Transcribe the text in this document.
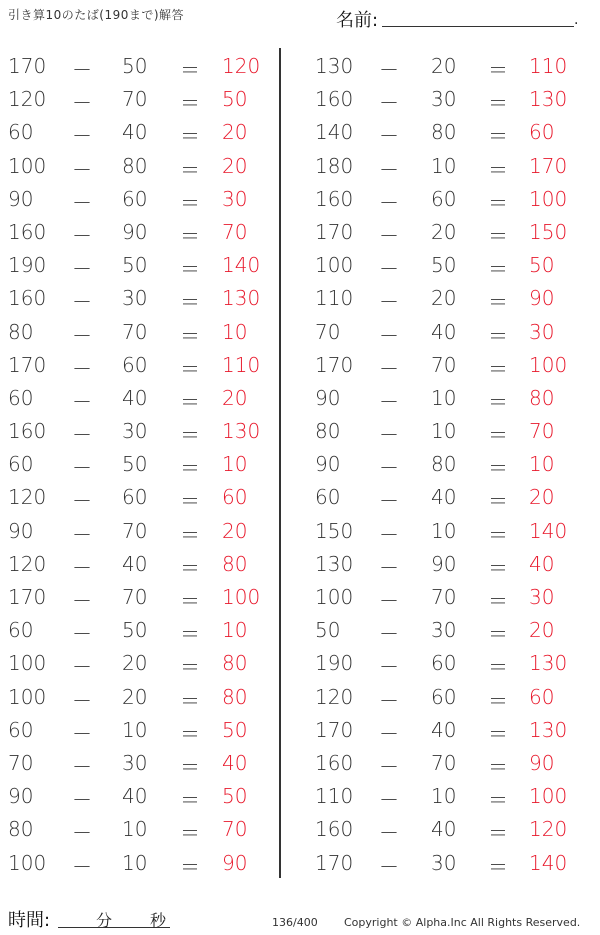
引き算10のたば(190まで)解答	名前:	.
170 － 50 ＝ 120
120 － 70 ＝ 50
60 － 40 ＝ 20
100 － 80 ＝ 20
90 － 60 ＝ 30
160 － 90 ＝ 70
190 － 50 ＝ 140
160 － 30 ＝ 130
80 － 70 ＝ 10
170 － 60 ＝ 110
60 － 40 ＝ 20
160 － 30 ＝ 130
60 － 50 ＝ 10
120 － 60 ＝ 60
90 － 70 ＝ 20
120 － 40 ＝ 80
170 － 70 ＝ 100
60 － 50 ＝ 10
100 － 20 ＝ 80
100 － 20 ＝ 80
60 － 10 ＝ 50
70 － 30 ＝ 40
90 － 40 ＝ 50
80 － 10 ＝ 70
100 － 10 ＝ 90
130 － 20 ＝ 110
160 － 30 ＝ 130
140 － 80 ＝ 60
180 － 10 ＝ 170
160 － 60 ＝ 100
170 － 20 ＝ 150
100 － 50 ＝ 50
110 － 20 ＝ 90
70 － 40 ＝ 30
170 － 70 ＝ 100
90 － 10 ＝ 80
80 － 10 ＝ 70
90 － 80 ＝ 10
60 － 40 ＝ 20
150 － 10 ＝ 140
130 － 90 ＝ 40
100 － 70 ＝ 30
50 － 30 ＝ 20
190 － 60 ＝ 130
120 － 60 ＝ 60
170 － 40 ＝ 130
160 － 70 ＝ 90
110 － 10 ＝ 100
160 － 40 ＝ 120
170 － 30 ＝ 140
時間:	分 秒	136/400 Copyright © Alpha.Inc All Rights Reserved.
